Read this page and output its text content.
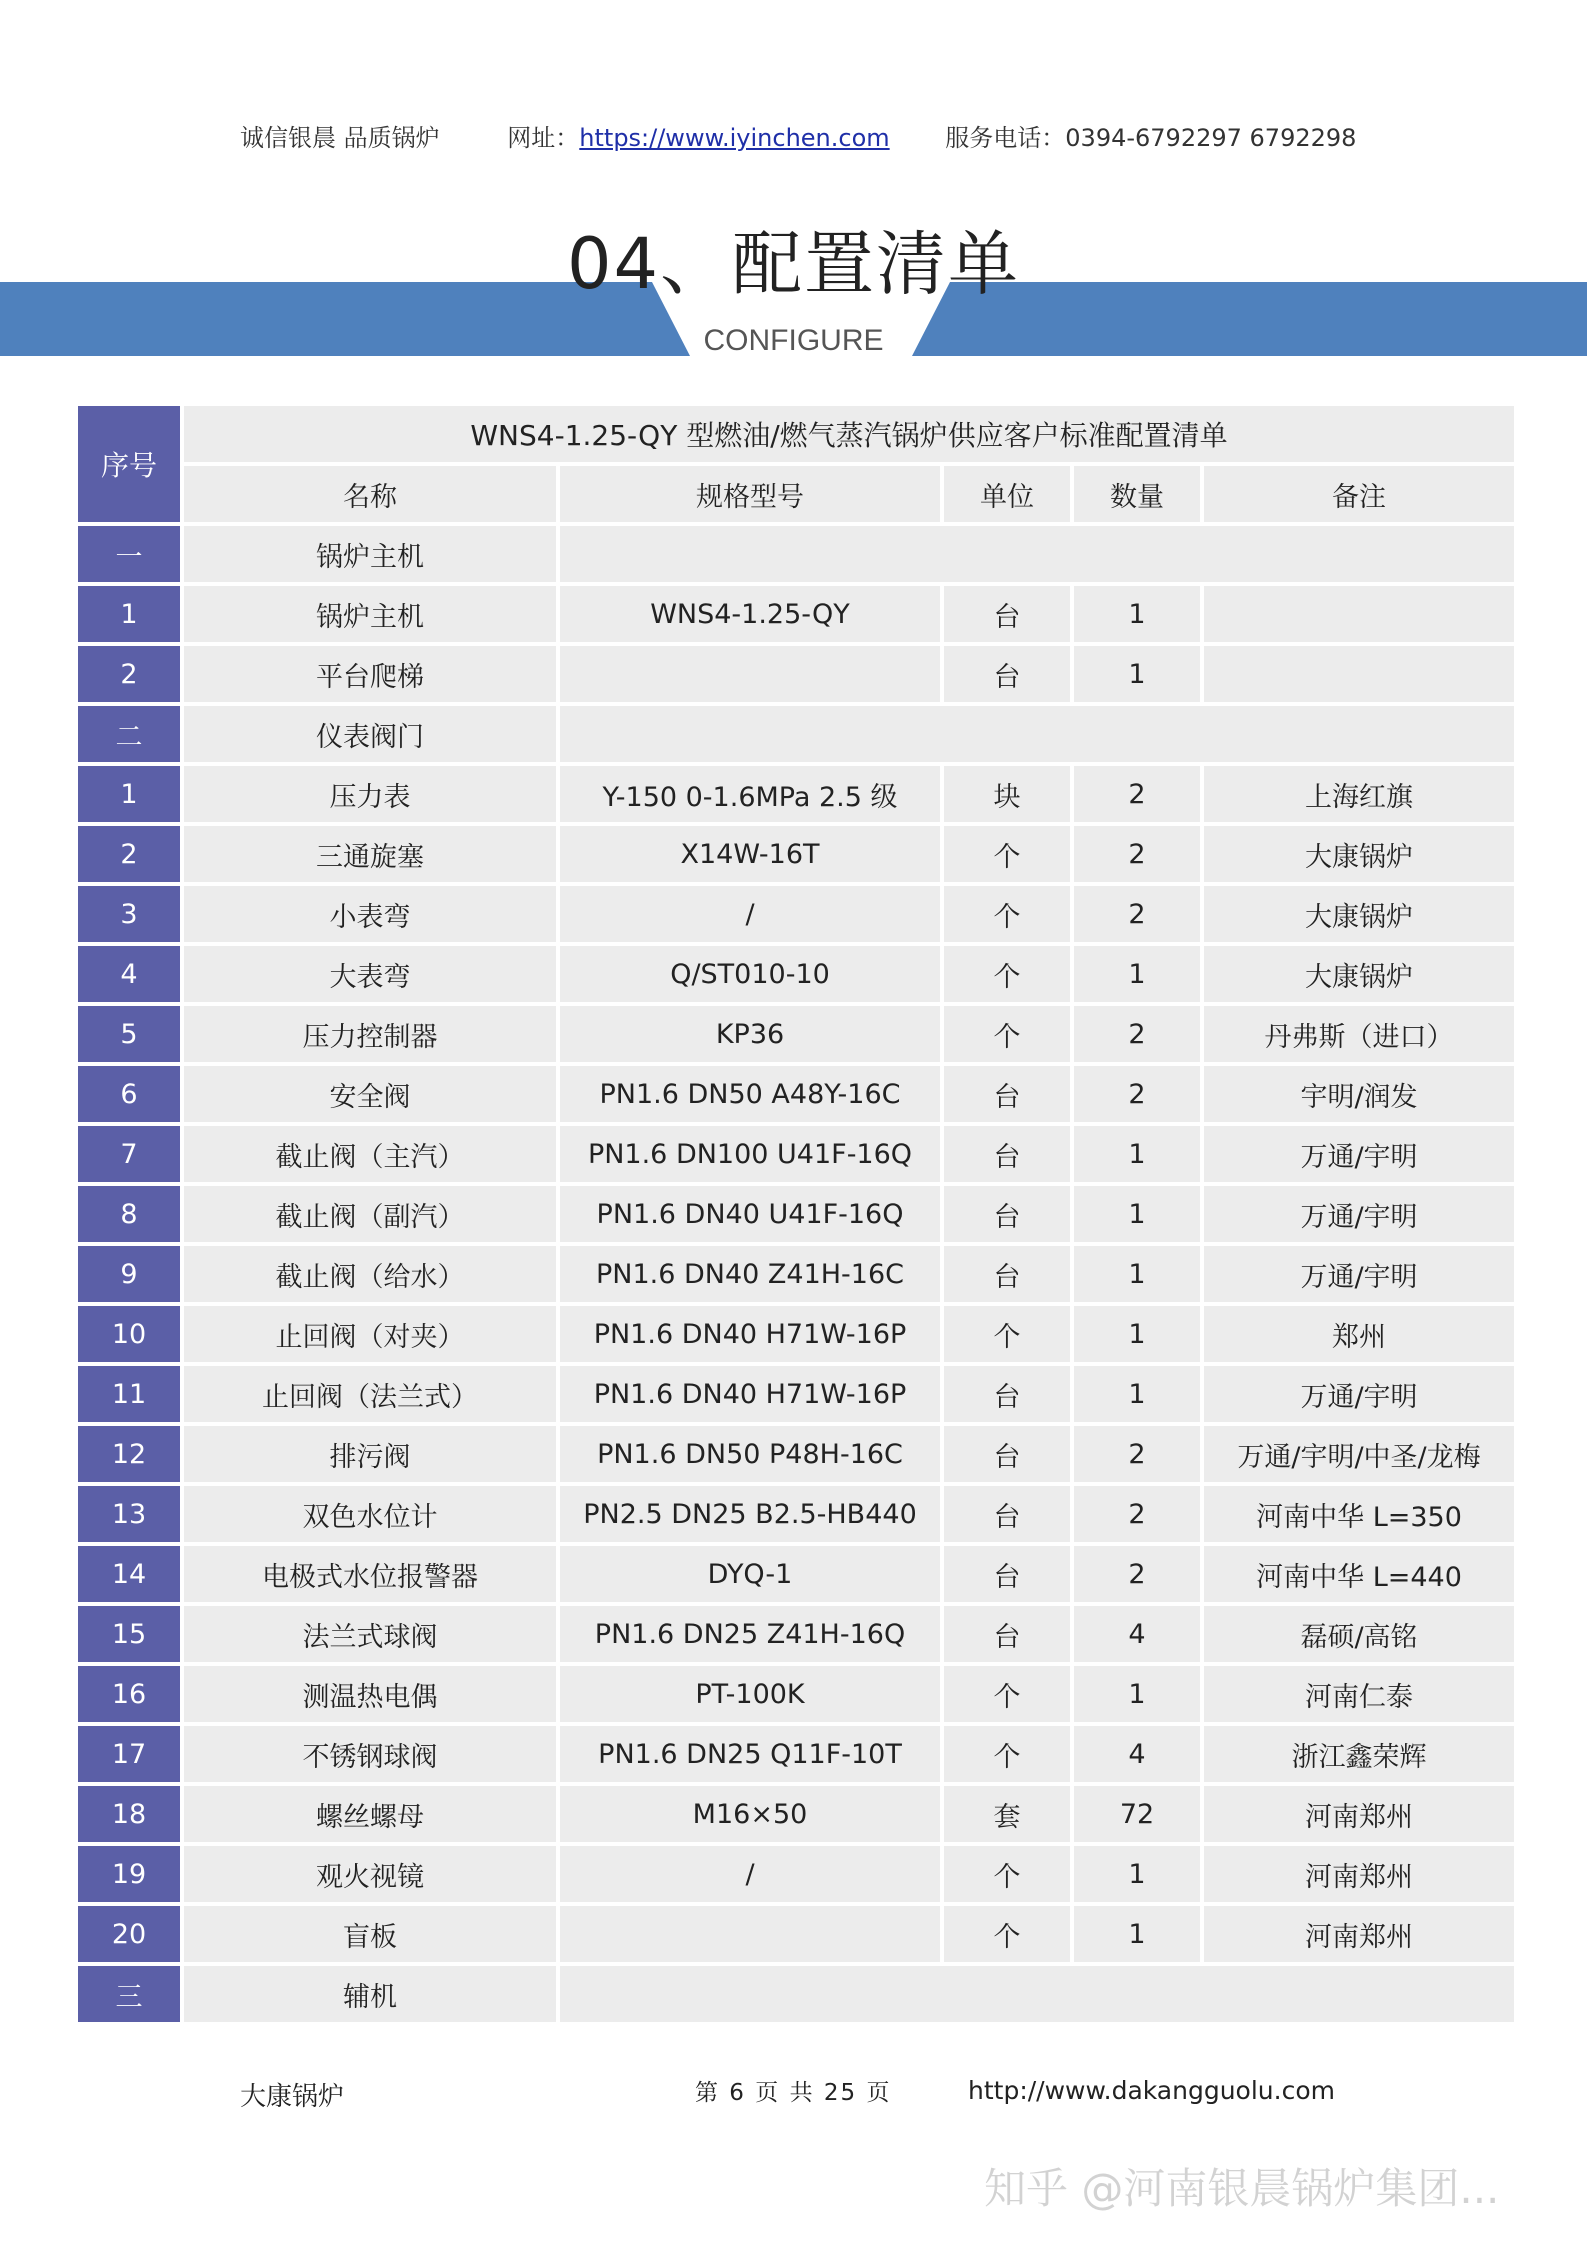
诚信银晨 品质锅炉	网址：https://www.iyinchen.com 服务电话：0394-6792297 6792298
04、配置清单
CONFIGURE
序号	WNS4-1.25-QY 型燃油/燃气蒸汽锅炉供应客户标准配置清单				
	名称	规格型号	单位	数量	备注
一	锅炉主机				
1	锅炉主机	WNS4-1.25-QY	台	1	
2	平台爬梯		台	1	
二	仪表阀门				
1	压力表	Y-150 0-1.6MPa 2.5 级	块	2	上海红旗
2	三通旋塞	X14W-16T	个	2	大康锅炉
3	小表弯	/	个	2	大康锅炉
4	大表弯	Q/ST010-10	个	1	大康锅炉
5	压力控制器	KP36	个	2	丹弗斯（进口）
6	安全阀	PN1.6 DN50 A48Y-16C	台	2	宇明/润发
7	截止阀（主汽）	PN1.6 DN100 U41F-16Q	台	1	万通/宇明
8	截止阀（副汽）	PN1.6 DN40 U41F-16Q	台	1	万通/宇明
9	截止阀（给水）	PN1.6 DN40 Z41H-16C	台	1	万通/宇明
10	止回阀（对夹）	PN1.6 DN40 H71W-16P	个	1	郑州
11	止回阀（法兰式）	PN1.6 DN40 H71W-16P	台	1	万通/宇明
12	排污阀	PN1.6 DN50 P48H-16C	台	2	万通/宇明/中圣/龙梅
13	双色水位计	PN2.5 DN25 B2.5-HB440	台	2	河南中华 L=350
14	电极式水位报警器	DYQ-1	台	2	河南中华 L=440
15	法兰式球阀	PN1.6 DN25 Z41H-16Q	台	4	磊硕/高铭
16	测温热电偶	PT-100K	个	1	河南仁泰
17	不锈钢球阀	PN1.6 DN25 Q11F-10T	个	4	浙江鑫荣辉
18	螺丝螺母	M16×50	套	72	河南郑州
19	观火视镜	/	个	1	河南郑州
20	盲板		个	1	河南郑州
三	辅机				
大康锅炉	第 6 页 共 25 页	http://www.dakangguolu.com
知乎 @河南银晨锅炉集团...
